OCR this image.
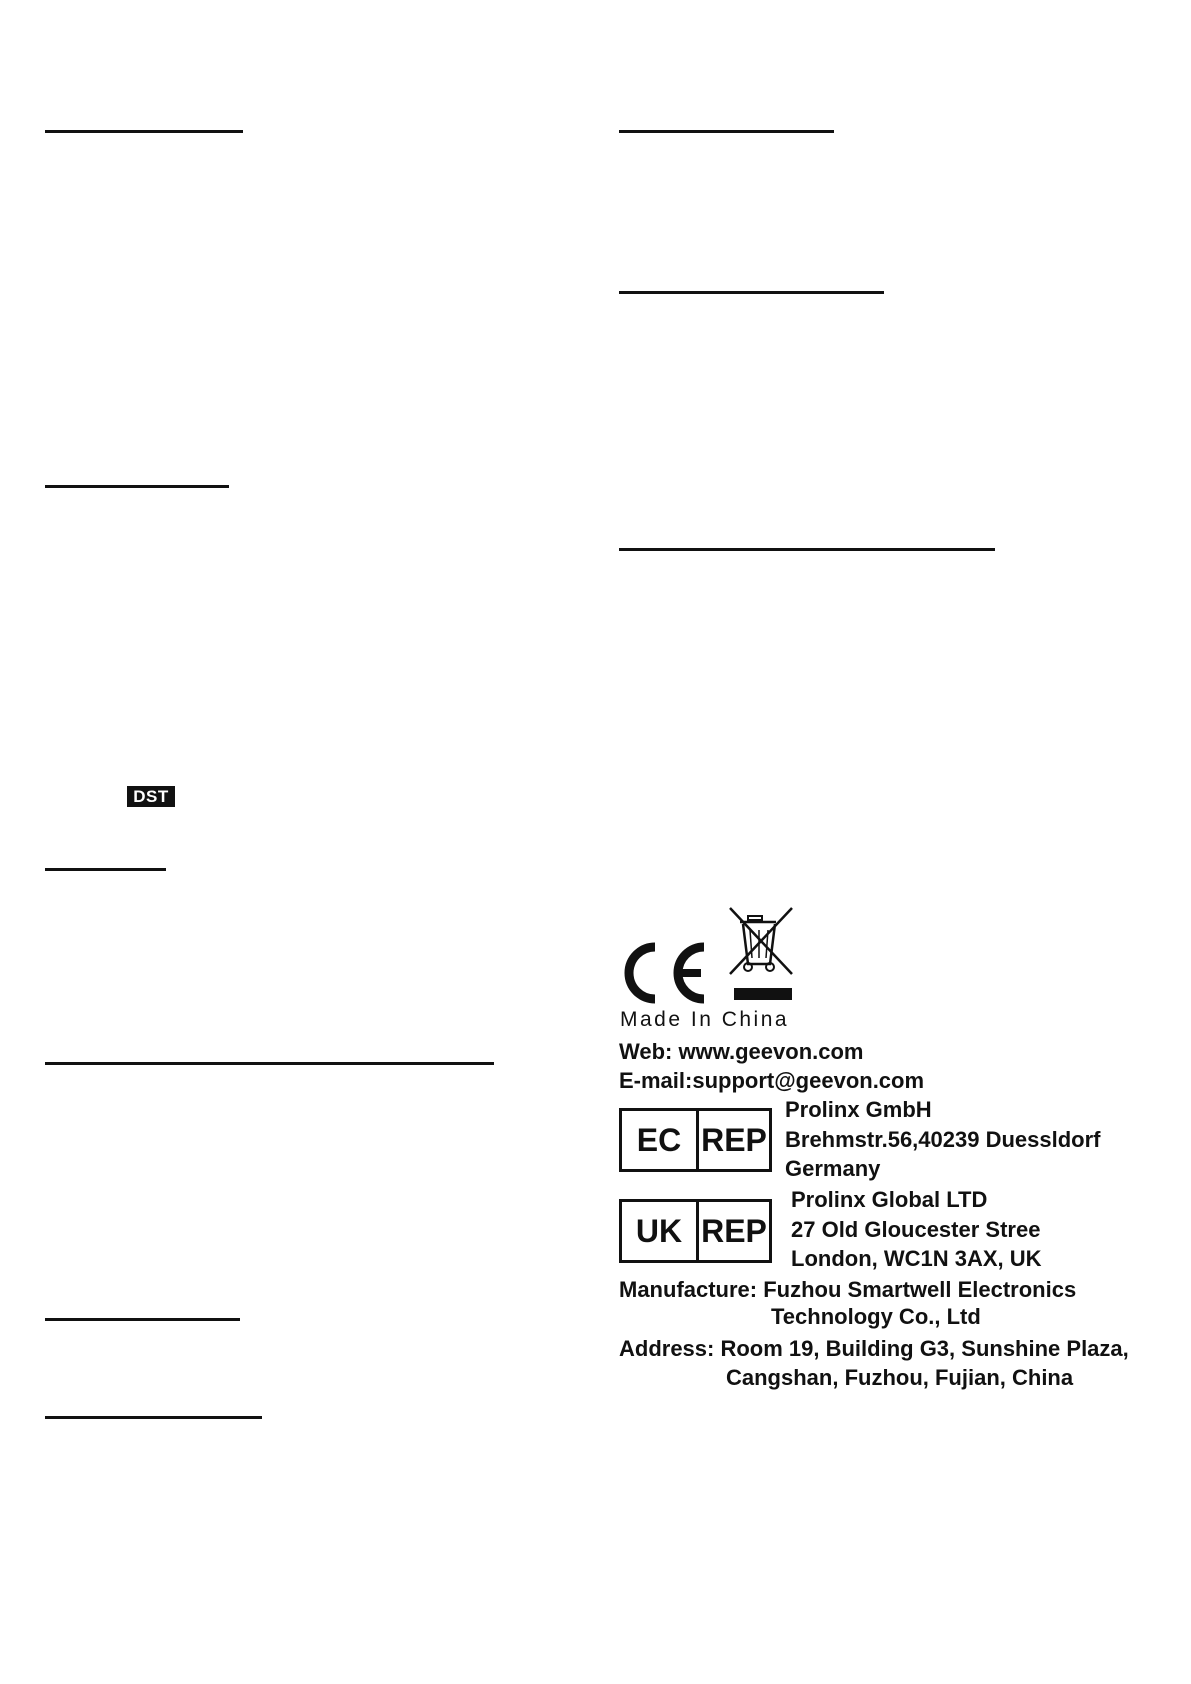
DST
Made In China
Web: www.geevon.com
E-mail:support@geevon.com
EC REP
Prolinx GmbH
Brehmstr.56,40239 Duessldorf
Germany
UK REP
Prolinx Global LTD
27 Old Gloucester Stree
London, WC1N 3AX, UK
Manufacture: Fuzhou Smartwell Electronics
Technology Co., Ltd
Address: Room 19, Building G3, Sunshine Plaza,
Cangshan, Fuzhou, Fujian, China
